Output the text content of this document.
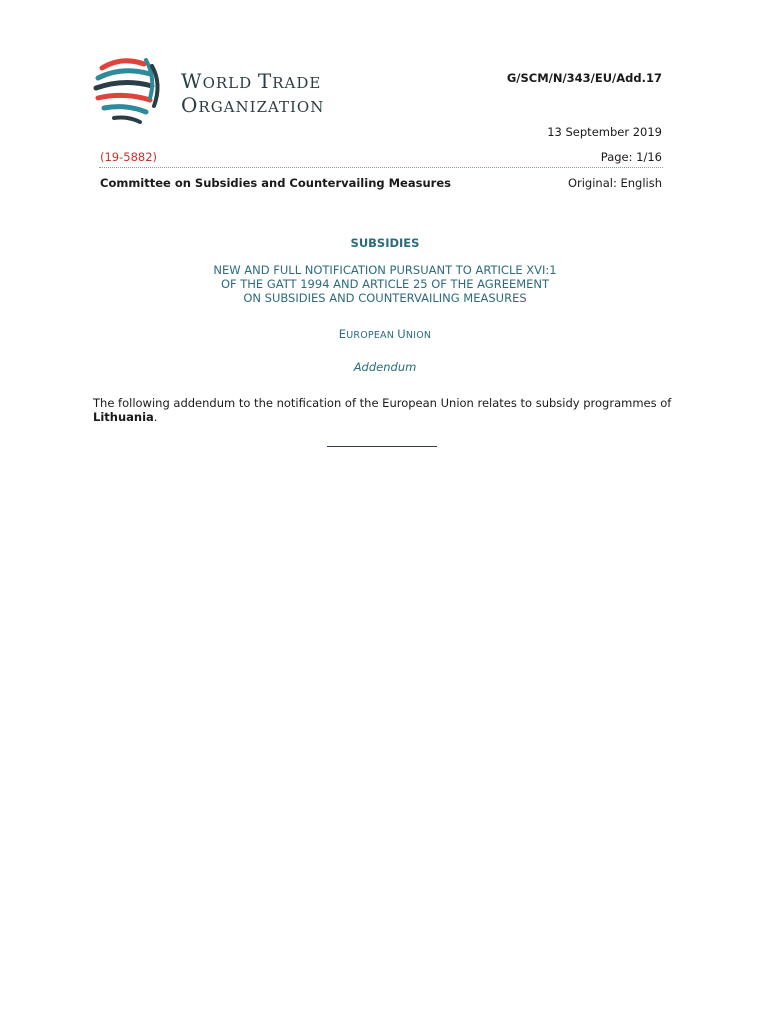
WORLD TRADE
ORGANIZATION
G/SCM/N/343/EU/Add.17
13 September 2019
(19-5882)	Page: 1/16
Committee on Subsidies and Countervailing Measures	Original: English
SUBSIDIES
NEW AND FULL NOTIFICATION PURSUANT TO ARTICLE XVI:1
OF THE GATT 1994 AND ARTICLE 25 OF THE AGREEMENT
ON SUBSIDIES AND COUNTERVAILING MEASURES
EUROPEAN UNION
Addendum
The following addendum to the notification of the European Union relates to subsidy programmes of Lithuania.
